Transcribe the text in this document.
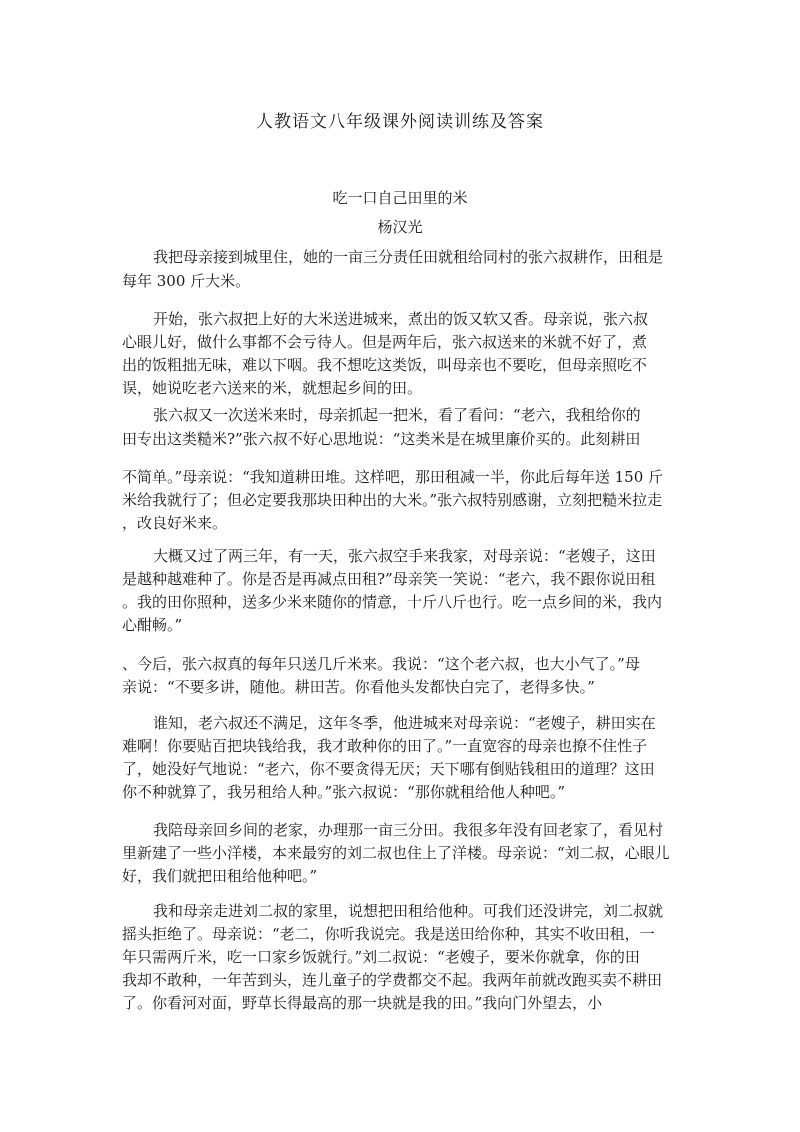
人教语文八年级课外阅读训练及答案
吃一口自己田里的米
杨汉光
我把母亲接到城里住，她的一亩三分责任田就租给同村的张六叔耕作，田租是
每年 300 斤大米。
开始，张六叔把上好的大米送进城来，煮出的饭又软又香。母亲说，张六叔
心眼儿好，做什么事都不会亏待人。但是两年后，张六叔送来的米就不好了，煮
出的饭粗拙无味，难以下咽。我不想吃这类饭，叫母亲也不要吃，但母亲照吃不
误，她说吃老六送来的米，就想起乡间的田。
张六叔又一次送米来时，母亲抓起一把米，看了看问：“老六，我租给你的
田专出这类糙米?”张六叔不好心思地说：“这类米是在城里廉价买的。此刻耕田
不简单。”母亲说：“我知道耕田堆。这样吧，那田租减一半，你此后每年送 150 斤
米给我就行了；但必定要我那块田种出的大米。”张六叔特别感谢，立刻把糙米拉走
，改良好米来。
大概又过了两三年，有一天，张六叔空手来我家，对母亲说：“老嫂子，这田
是越种越难种了。你是否是再减点田租?”母亲笑一笑说：“老六，我不跟你说田租
。我的田你照种，送多少米来随你的情意，十斤八斤也行。吃一点乡间的米，我内
心酣畅。”
、今后，张六叔真的每年只送几斤米来。我说：“这个老六叔，也大小气了。”母
亲说：“不要多讲，随他。耕田苦。你看他头发都快白完了，老得多快。”
谁知，老六叔还不满足，这年冬季，他进城来对母亲说：“老嫂子，耕田实在
难啊！你要贴百把块钱给我，我才敢种你的田了。”一直宽容的母亲也撩不住性子
了，她没好气地说：“老六，你不要贪得无厌；天下哪有倒贴钱租田的道理？这田
你不种就算了，我另租给人种。”张六叔说：“那你就租给他人种吧。”
我陪母亲回乡间的老家，办理那一亩三分田。我很多年没有回老家了，看见村
里新建了一些小洋楼，本来最穷的刘二叔也住上了洋楼。母亲说：“刘二叔，心眼儿
好，我们就把田租给他种吧。”
我和母亲走进刘二叔的家里，说想把田租给他种。可我们还没讲完，刘二叔就
摇头拒绝了。母亲说：“老二，你听我说完。我是送田给你种，其实不收田租，一
年只需两斤米，吃一口家乡饭就行。”刘二叔说：“老嫂子，要米你就拿，你的田
我却不敢种，一年苦到头，连儿童子的学费都交不起。我两年前就改跑买卖不耕田
了。你看河对面，野草长得最高的那一块就是我的田。”我向门外望去，小
